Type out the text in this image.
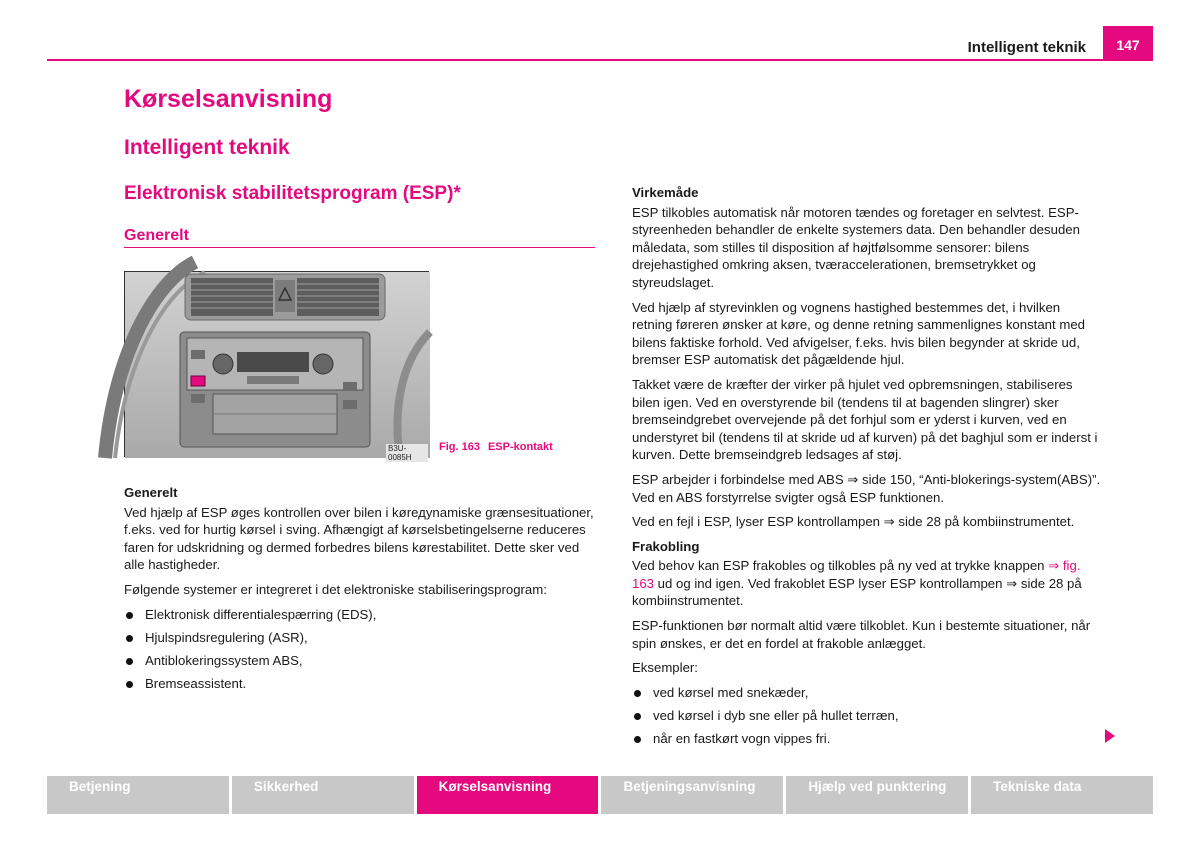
Intelligent teknik	147
Kørselsanvisning
Intelligent teknik
Elektronisk stabilitetsprogram (ESP)*
Generelt
B3U-0085H
Fig. 163 ESP-kontakt

Generelt

Ved hjælp af ESP øges kontrollen over bilen i kørедynamiske grænsesituationer, f.eks. ved for hurtig kørsel i sving. Afhængigt af kørselsbetingelserne reduceres faren for udskridning og dermed forbedres bilens kørestabilitet. Dette sker ved alle hastigheder.

Følgende systemer er integreret i det elektroniske stabiliseringsprogram:

Elektronisk differentialespærring (EDS),
Hjulspindsregulering (ASR),
Antiblokeringssystem ABS,
Bremseassistent.

Virkemåde

ESP tilkobles automatisk når motoren tændes og foretager en selvtest. ESP-styreenheden behandler de enkelte systemers data. Den behandler desuden måledata, som stilles til disposition af højtfølsomme sensorer: bilens drejehastighed omkring aksen, tværaccelerationen, bremsetrykket og styreudslaget.

Ved hjælp af styrevinklen og vognens hastighed bestemmes det, i hvilken retning føreren ønsker at køre, og denne retning sammenlignes konstant med bilens faktiske forhold. Ved afvigelser, f.eks. hvis bilen begynder at skride ud, bremser ESP automatisk det pågældende hjul.

Takket være de kræfter der virker på hjulet ved opbremsningen, stabiliseres bilen igen. Ved en overstyrende bil (tendens til at bagenden slingrer) sker bremseindgrebet overvejende på det forhjul som er yderst i kurven, ved en understyret bil (tendens til at skride ud af kurven) på det baghjul som er inderst i kurven. Dette bremseindgreb ledsages af støj.

ESP arbejder i forbindelse med ABS ⇒ side 150, “Anti-blokerings-system(ABS)”. Ved en ABS forstyrrelse svigter også ESP funktionen.

Ved en fejl i ESP, lyser ESP kontrollampen ⇒ side 28 på kombiinstrumentet.

Frakobling

Ved behov kan ESP frakobles og tilkobles på ny ved at trykke knappen ⇒ fig. 163 ud og ind igen. Ved frakoblet ESP lyser ESP kontrollampen ⇒ side 28 på kombiinstrumentet.

ESP-funktionen bør normalt altid være tilkoblet. Kun i bestemte situationer, når spin ønskes, er det en fordel at frakoble anlægget.

Eksempler:

ved kørsel med snekæder,
ved kørsel i dyb sne eller på hullet terræn,
når en fastkørt vogn vippes fri.
Betjening	Sikkerhed	Kørselsanvisning	Betjeningsanvisning	Hjælp ved punktering	Tekniske data
